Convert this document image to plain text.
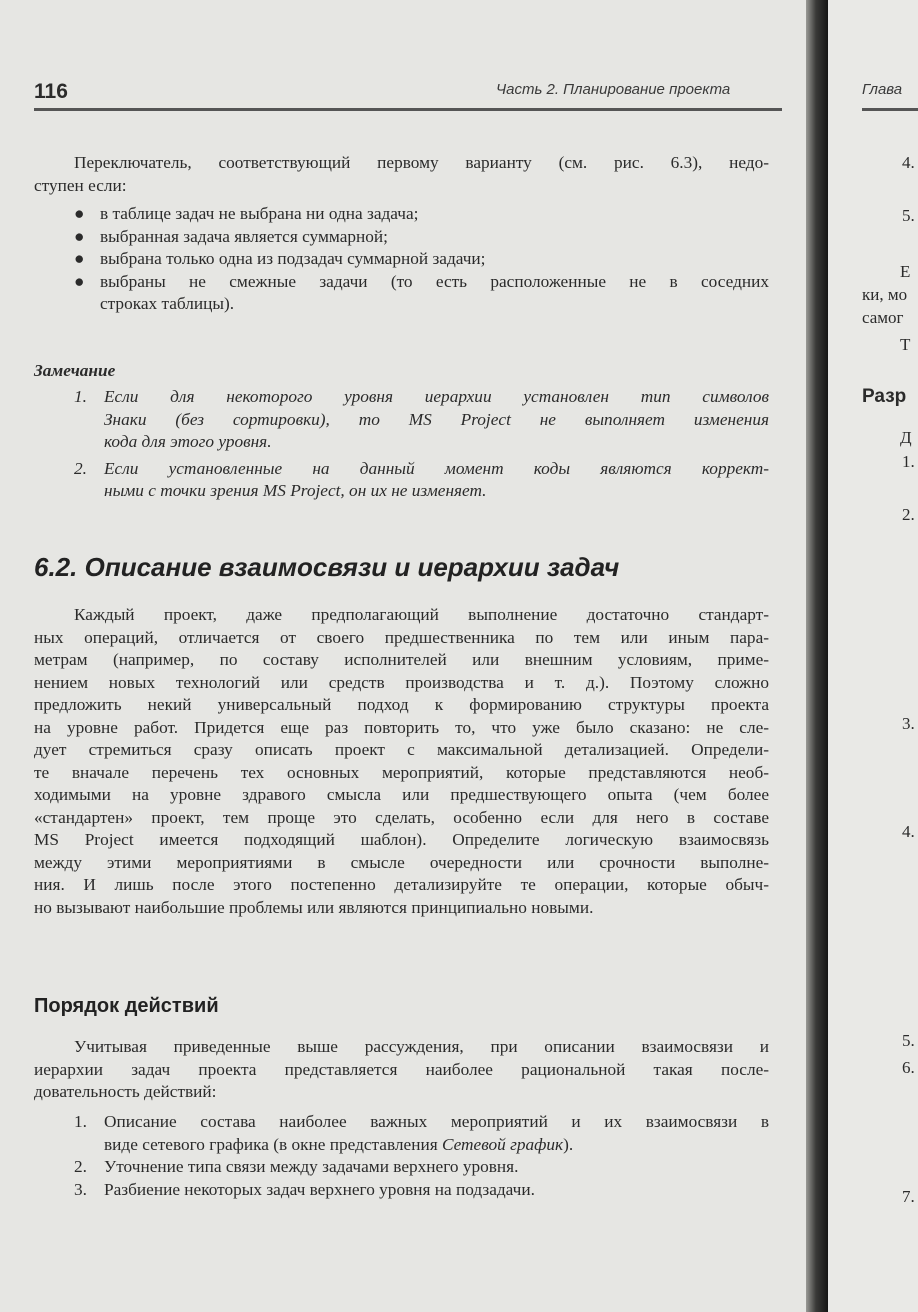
116	Часть 2. Планирование проекта
Переключатель, соответствующий первому варианту (см. рис. 6.3), недо-
ступен если:
● в таблице задач не выбрана ни одна задача;
● выбранная задача является суммарной;
● выбрана только одна из подзадач суммарной задачи;
● выбраны не смежные задачи (то есть расположенные не в соседних
строках таблицы).
Замечание
1. Если для некоторого уровня иерархии установлен тип символов
Знаки (без сортировки), то MS Project не выполняет изменения
кода для этого уровня.
2. Если установленные на данный момент коды являются коррект-
ными с точки зрения MS Project, он их не изменяет.
6.2. Описание взаимосвязи и иерархии задач
Каждый проект, даже предполагающий выполнение достаточно стандарт-
ных операций, отличается от своего предшественника по тем или иным пара-
метрам (например, по составу исполнителей или внешним условиям, приме-
нением новых технологий или средств производства и т. д.). Поэтому сложно
предложить некий универсальный подход к формированию структуры проекта
на уровне работ. Придется еще раз повторить то, что уже было сказано: не сле-
дует стремиться сразу описать проект с максимальной детализацией. Определи-
те вначале перечень тех основных мероприятий, которые представляются необ-
ходимыми на уровне здравого смысла или предшествующего опыта (чем более
«стандартен» проект, тем проще это сделать, особенно если для него в составе
MS Project имеется подходящий шаблон). Определите логическую взаимосвязь
между этими мероприятиями в смысле очередности или срочности выполне-
ния. И лишь после этого постепенно детализируйте те операции, которые обыч-
но вызывают наибольшие проблемы или являются принципиально новыми.
Порядок действий
Учитывая приведенные выше рассуждения, при описании взаимосвязи и
иерархии задач проекта представляется наиболее рациональной такая после-
довательность действий:
1. Описание состава наиболее важных мероприятий и их взаимосвязи в
виде сетевого графика (в окне представления Сетевой график).
2. Уточнение типа связи между задачами верхнего уровня.
3. Разбиение некоторых задач верхнего уровня на подзадачи.
Глава
4.
5.
Е
ки, мо
самог
Т
Разр
Д
1.
2.
3.
4.
5.
6.
7.
